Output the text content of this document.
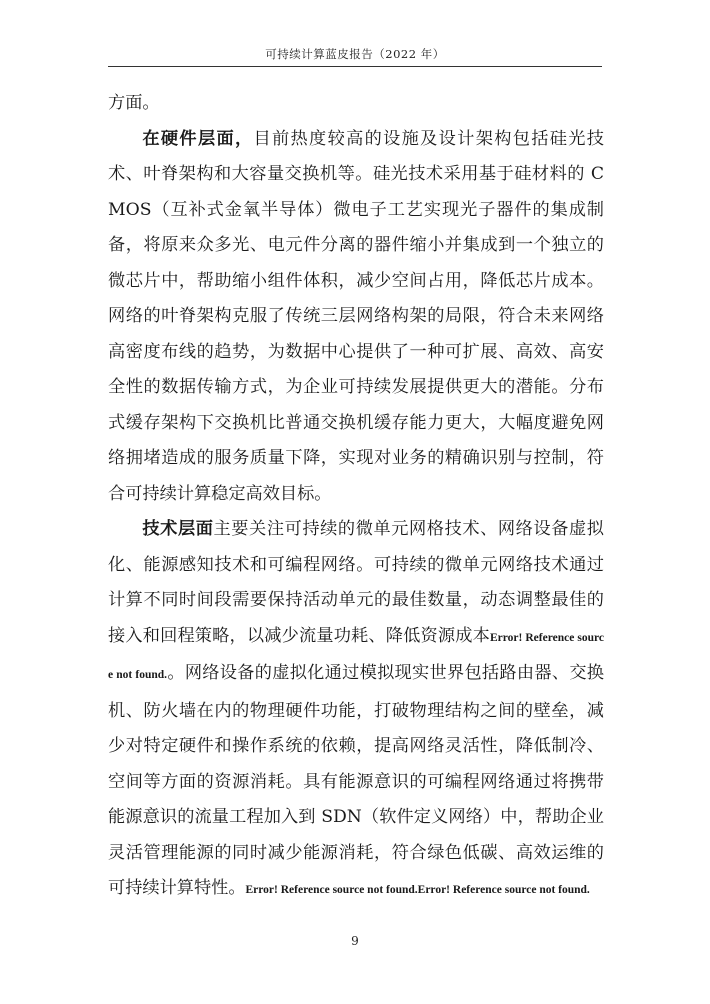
可持续计算蓝皮报告（2022 年）

方面。

在硬件层面，目前热度较高的设施及设计架构包括硅光技术、叶脊架构和大容量交换机等。硅光技术采用基于硅材料的 CMOS（互补式金氧半导体）微电子工艺实现光子器件的集成制备，将原来众多光、电元件分离的器件缩小并集成到一个独立的微芯片中，帮助缩小组件体积，减少空间占用，降低芯片成本。网络的叶脊架构克服了传统三层网络构架的局限，符合未来网络高密度布线的趋势，为数据中心提供了一种可扩展、高效、高安全性的数据传输方式，为企业可持续发展提供更大的潜能。分布式缓存架构下交换机比普通交换机缓存能力更大，大幅度避免网络拥堵造成的服务质量下降，实现对业务的精确识别与控制，符合可持续计算稳定高效目标。

技术层面主要关注可持续的微单元网格技术、网络设备虚拟化、能源感知技术和可编程网络。可持续的微单元网络技术通过计算不同时间段需要保持活动单元的最佳数量，动态调整最佳的接入和回程策略，以减少流量功耗、降低资源成本Error! Reference source not found.。网络设备的虚拟化通过模拟现实世界包括路由器、交换机、防火墙在内的物理硬件功能，打破物理结构之间的壁垒，减少对特定硬件和操作系统的依赖，提高网络灵活性，降低制冷、空间等方面的资源消耗。具有能源意识的可编程网络通过将携带能源意识的流量工程加入到 SDN（软件定义网络）中，帮助企业灵活管理能源的同时减少能源消耗，符合绿色低碳、高效运维的可持续计算特性。Error! Reference source not found.Error! Reference source not found.

9
